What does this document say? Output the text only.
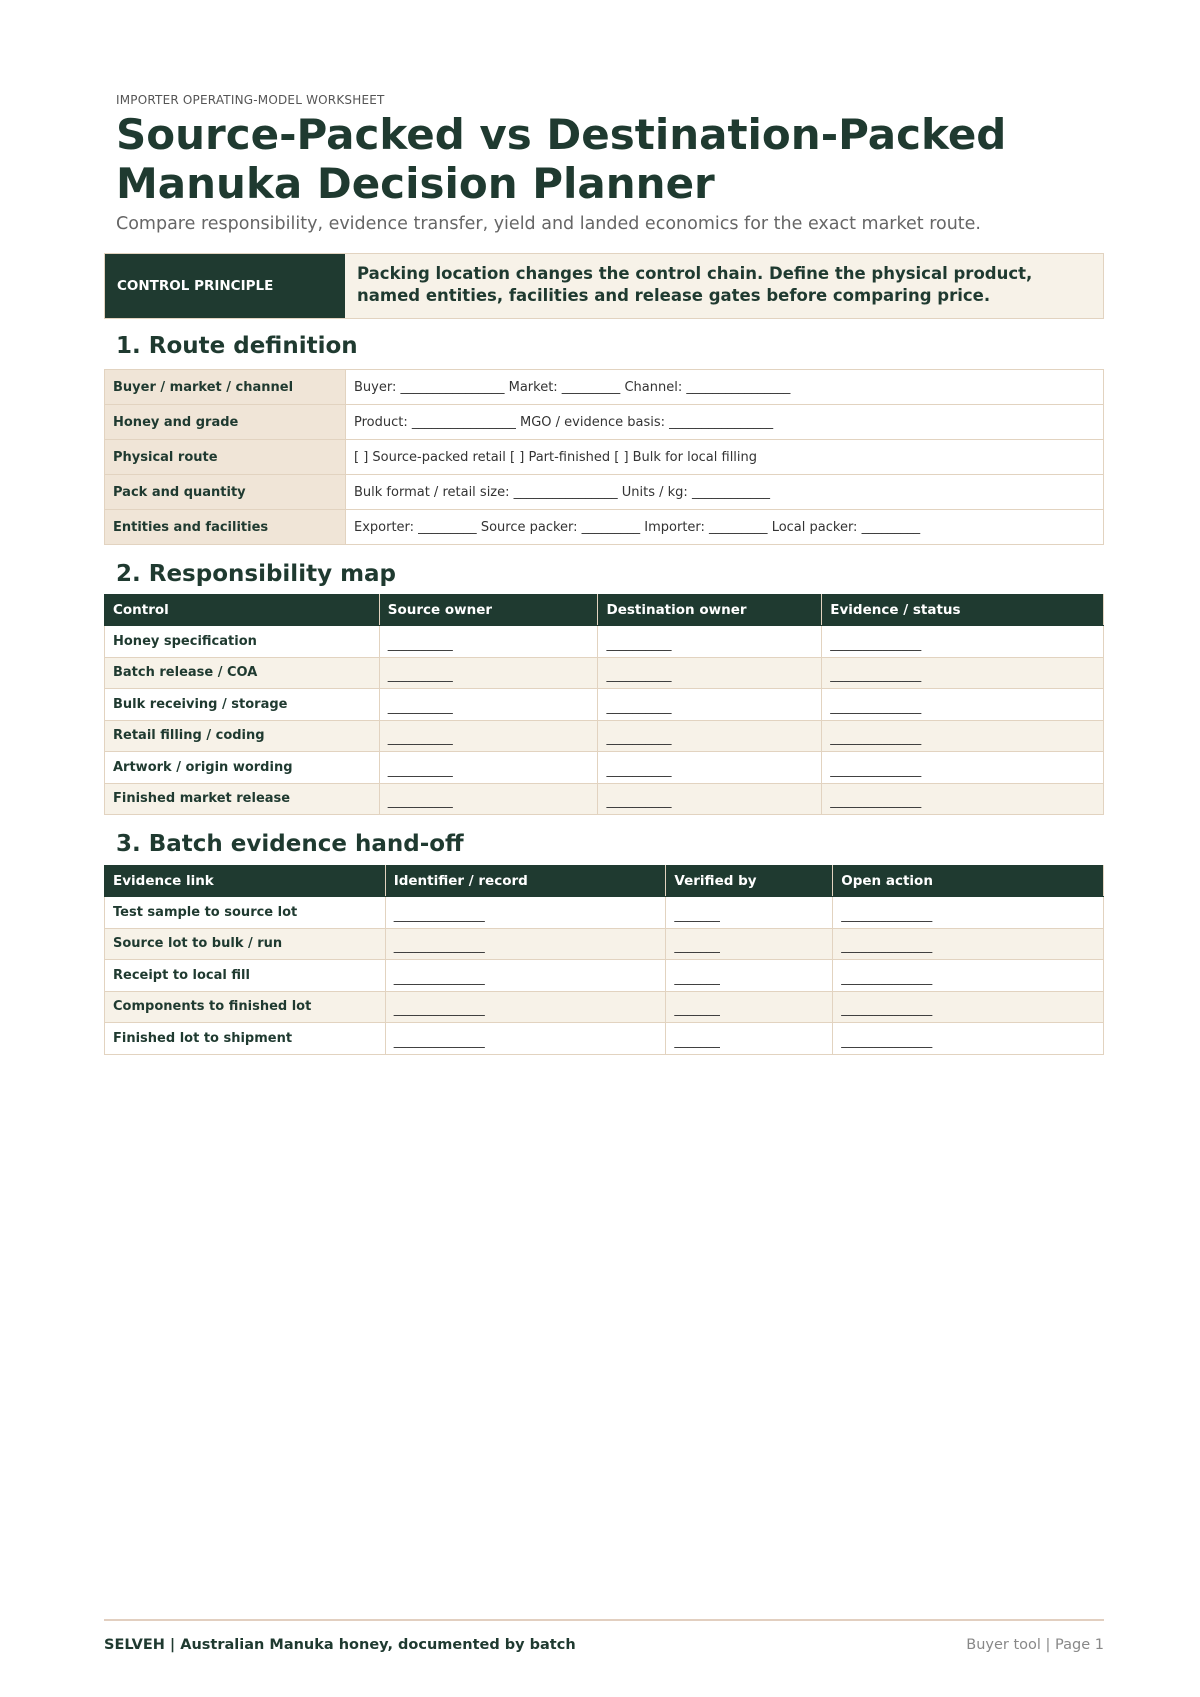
IMPORTER OPERATING-MODEL WORKSHEET
Source-Packed vs Destination-Packed Manuka Decision Planner
Compare responsibility, evidence transfer, yield and landed economics for the exact market route.
CONTROL PRINCIPLE
Packing location changes the control chain. Define the physical product, named entities, facilities and release gates before comparing price.
1. Route definition
Buyer / market / channel	Buyer: ________________ Market: _________ Channel: ________________
Honey and grade	Product: ________________ MGO / evidence basis: ________________
Physical route	[ ] Source-packed retail [ ] Part-finished [ ] Bulk for local filling
Pack and quantity	Bulk format / retail size: ________________ Units / kg: ____________
Entities and facilities	Exporter: _________ Source packer: _________ Importer: _________ Local packer: _________
2. Responsibility map
Control	Source owner	Destination owner	Evidence / status
Honey specification	__________	__________	______________
Batch release / COA	__________	__________	______________
Bulk receiving / storage	__________	__________	______________
Retail filling / coding	__________	__________	______________
Artwork / origin wording	__________	__________	______________
Finished market release	__________	__________	______________
3. Batch evidence hand-off
Evidence link	Identifier / record	Verified by	Open action
Test sample to source lot	______________	_______	______________
Source lot to bulk / run	______________	_______	______________
Receipt to local fill	______________	_______	______________
Components to finished lot	______________	_______	______________
Finished lot to shipment	______________	_______	______________
SELVEH | Australian Manuka honey, documented by batch	Buyer tool | Page 1
